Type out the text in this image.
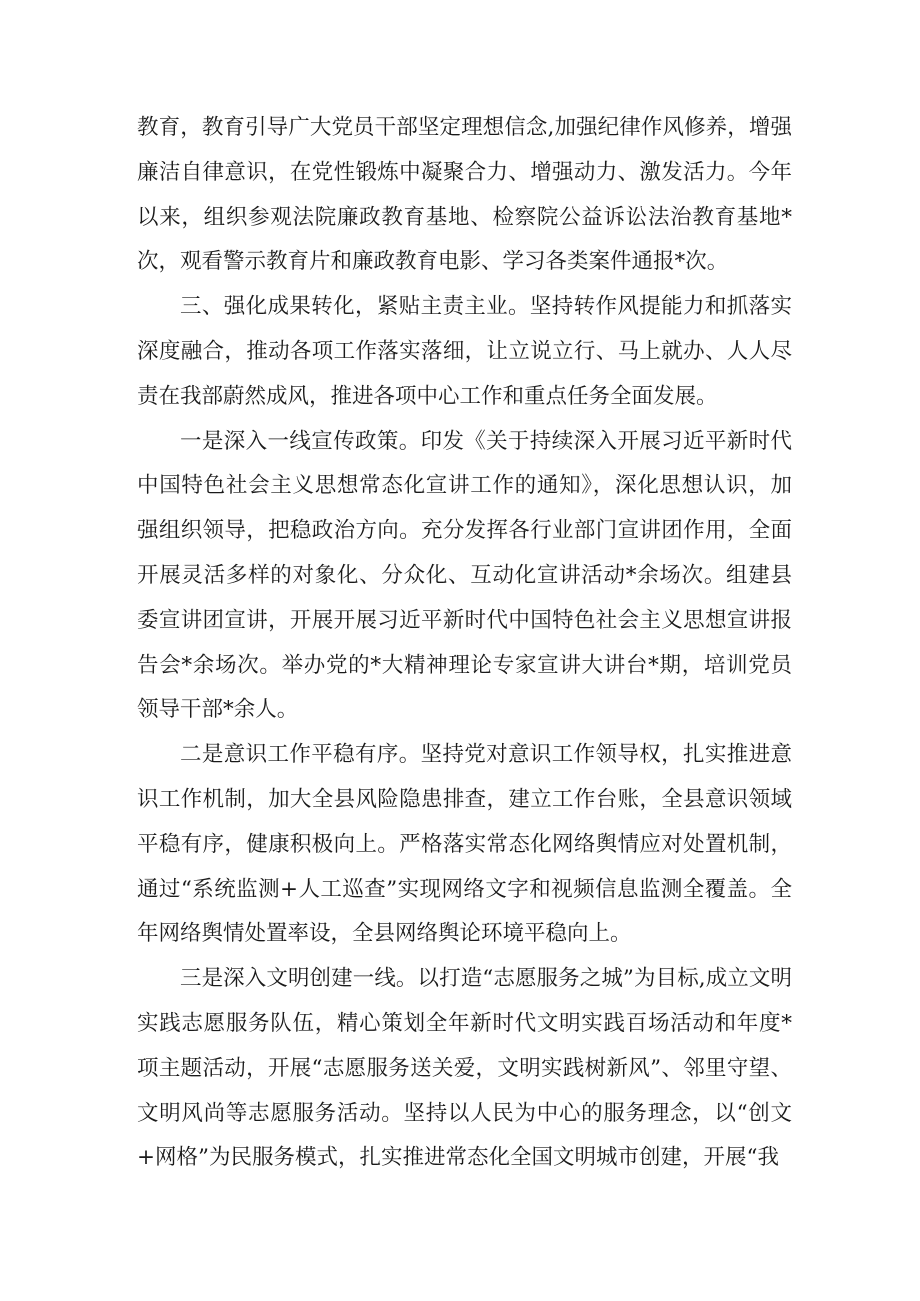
教育，教育引导广大党员干部坚定理想信念,加强纪律作风修养，增强廉洁自律意识，在党性锻炼中凝聚合力、增强动力、激发活力。今年以来，组织参观法院廉政教育基地、检察院公益诉讼法治教育基地*次，观看警示教育片和廉政教育电影、学习各类案件通报*次。

三、强化成果转化，紧贴主责主业。坚持转作风提能力和抓落实深度融合，推动各项工作落实落细，让立说立行、马上就办、人人尽责在我部蔚然成风，推进各项中心工作和重点任务全面发展。

一是深入一线宣传政策。印发《关于持续深入开展习近平新时代中国特色社会主义思想常态化宣讲工作的通知》，深化思想认识，加强组织领导，把稳政治方向。充分发挥各行业部门宣讲团作用，全面开展灵活多样的对象化、分众化、互动化宣讲活动*余场次。组建县委宣讲团宣讲，开展开展习近平新时代中国特色社会主义思想宣讲报告会*余场次。举办党的*大精神理论专家宣讲大讲台*期，培训党员领导干部*余人。

二是意识工作平稳有序。坚持党对意识工作领导权，扎实推进意识工作机制，加大全县风险隐患排查，建立工作台账，全县意识领域平稳有序，健康积极向上。严格落实常态化网络舆情应对处置机制，通过“系统监测+人工巡查”实现网络文字和视频信息监测全覆盖。全年网络舆情处置率设，全县网络舆论环境平稳向上。

三是深入文明创建一线。以打造“志愿服务之城”为目标,成立文明实践志愿服务队伍，精心策划全年新时代文明实践百场活动和年度*项主题活动，开展“志愿服务送关爱，文明实践树新风”、邻里守望、文明风尚等志愿服务活动。坚持以人民为中心的服务理念，以“创文+网格”为民服务模式，扎实推进常态化全国文明城市创建，开展“我
